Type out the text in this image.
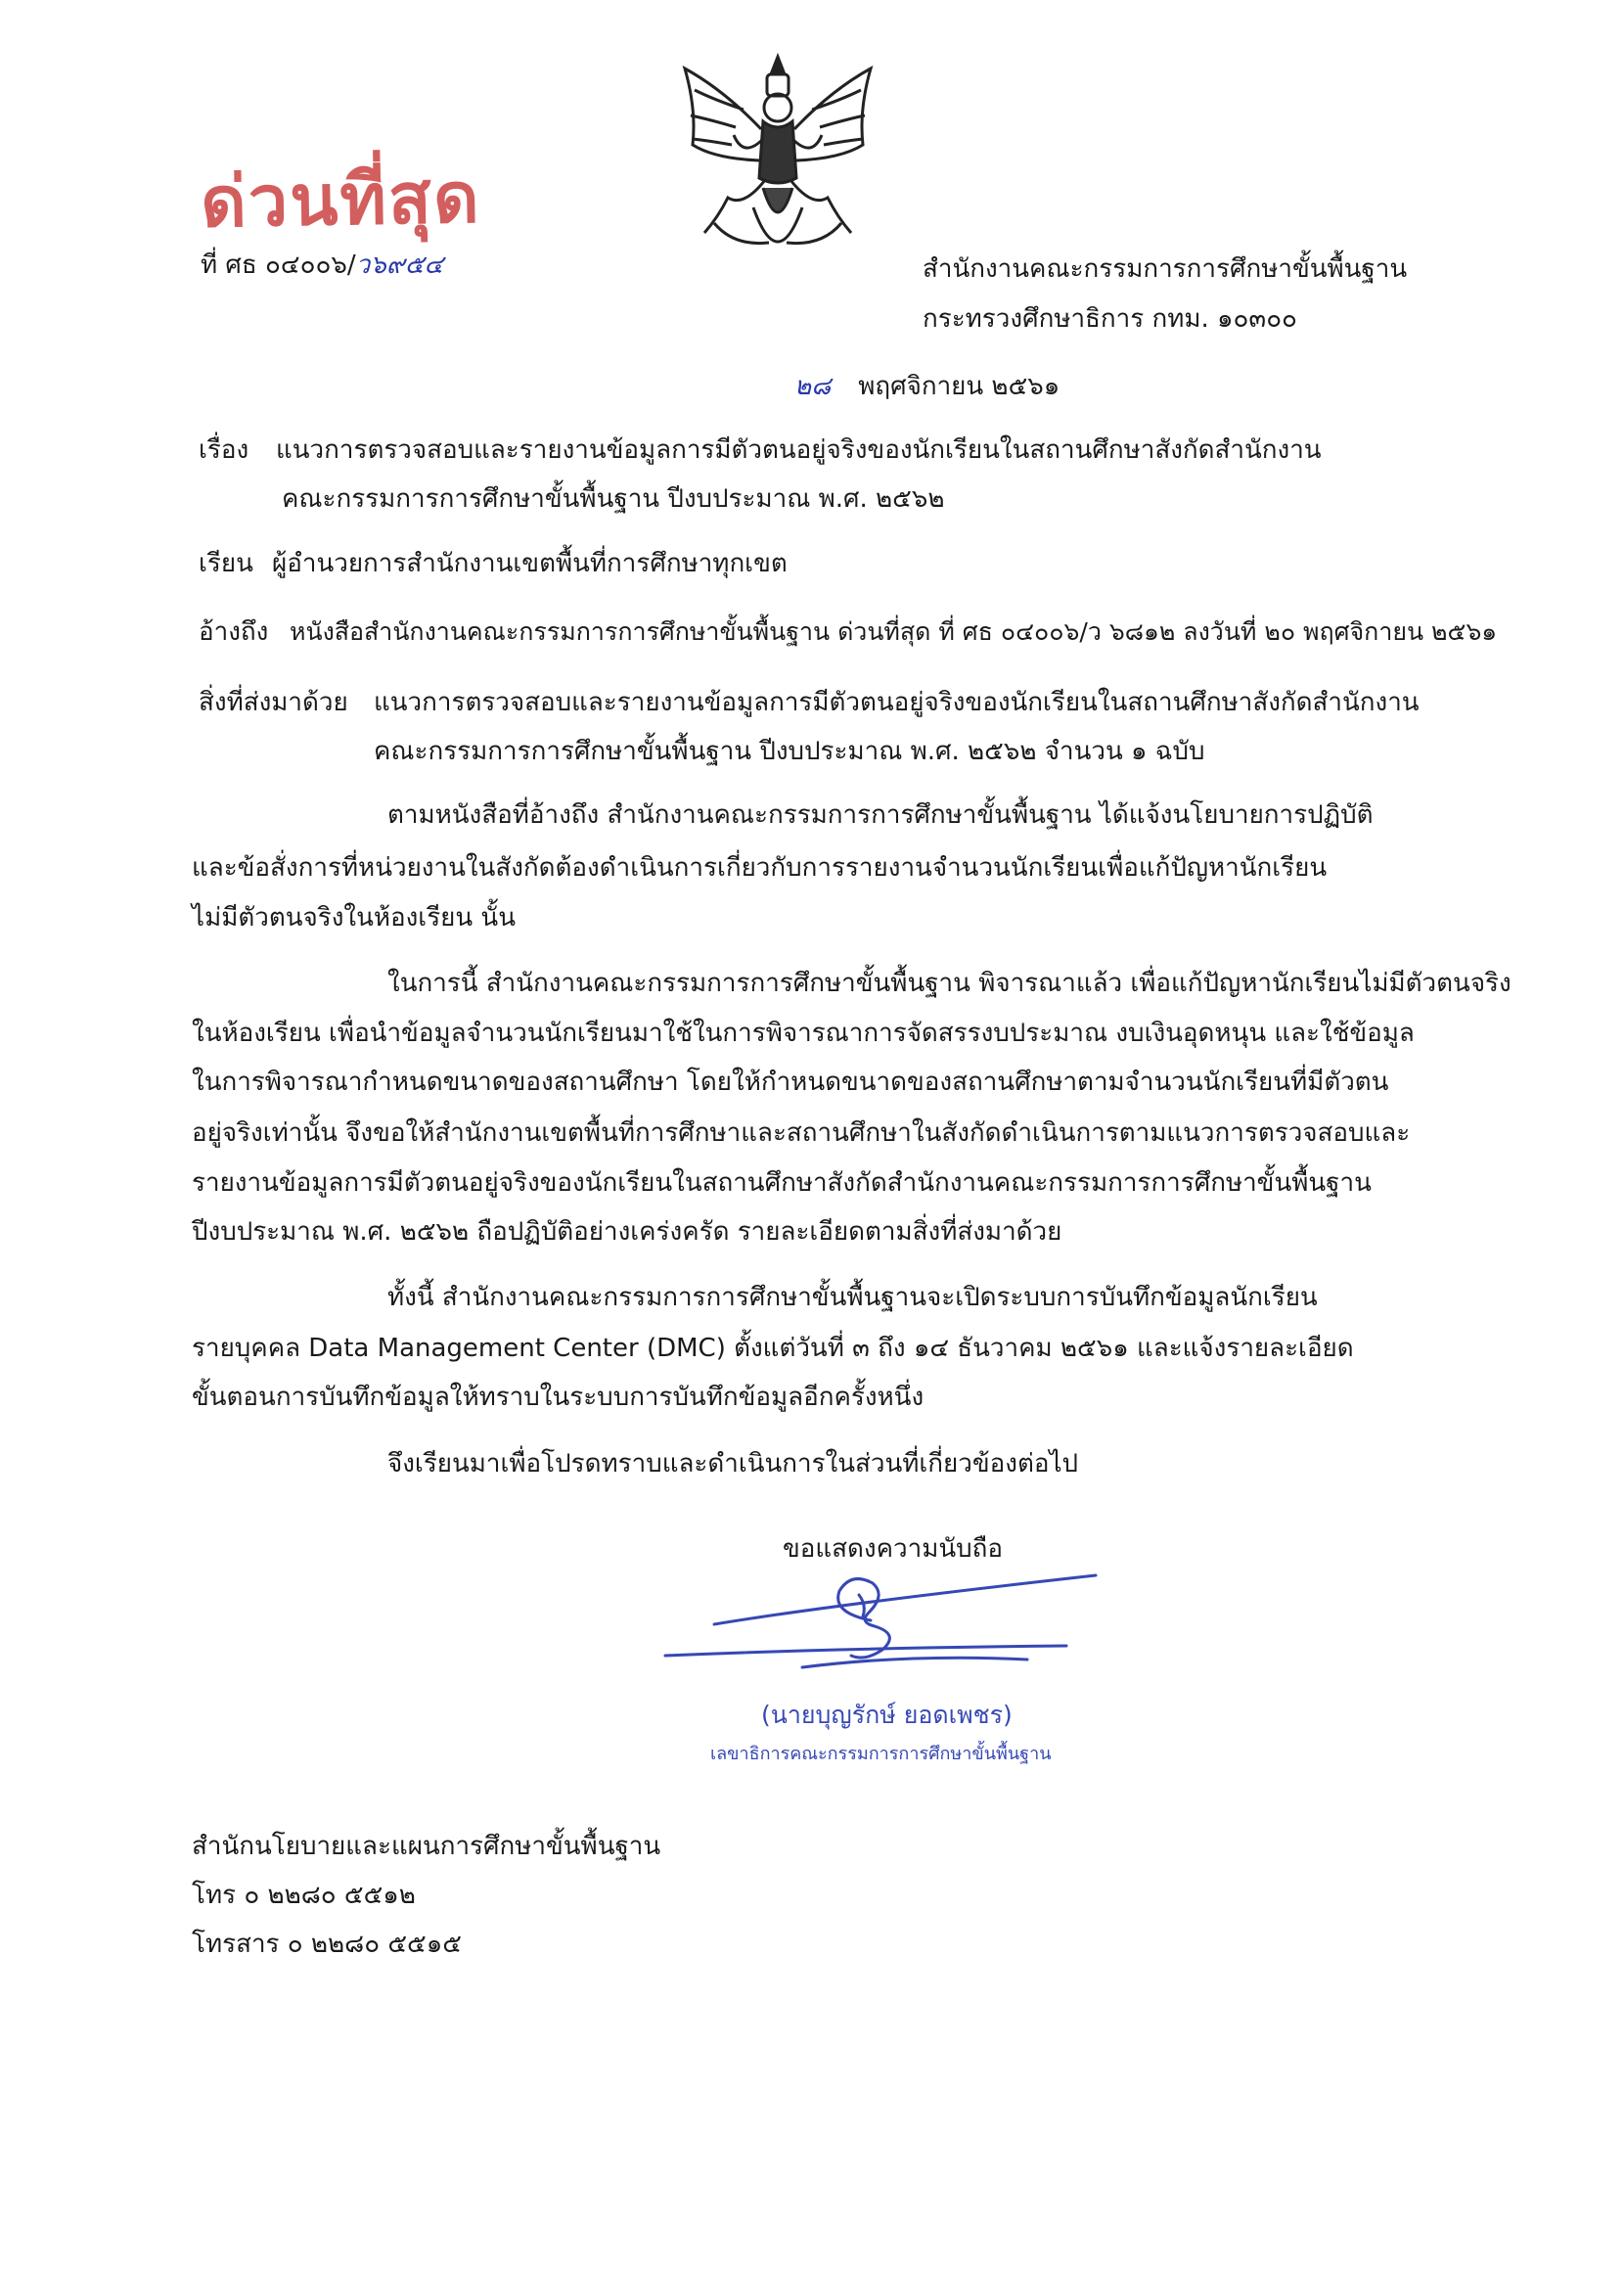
ด่วนที่สุด
ที่ ศธ ๐๔๐๐๖/ว๖๙๕๔	สำนักงานคณะกรรมการการศึกษาขั้นพื้นฐาน
กระทรวงศึกษาธิการ กทม. ๑๐๓๐๐
๒๘ พฤศจิกายน ๒๕๖๑
เรื่อง แนวการตรวจสอบและรายงานข้อมูลการมีตัวตนอยู่จริงของนักเรียนในสถานศึกษาสังกัดสำนักงาน
คณะกรรมการการศึกษาขั้นพื้นฐาน ปีงบประมาณ พ.ศ. ๒๕๖๒
เรียน ผู้อำนวยการสำนักงานเขตพื้นที่การศึกษาทุกเขต
อ้างถึง หนังสือสำนักงานคณะกรรมการการศึกษาขั้นพื้นฐาน ด่วนที่สุด ที่ ศธ ๐๔๐๐๖/ว ๖๘๑๒ ลงวันที่ ๒๐ พฤศจิกายน ๒๕๖๑
สิ่งที่ส่งมาด้วย แนวการตรวจสอบและรายงานข้อมูลการมีตัวตนอยู่จริงของนักเรียนในสถานศึกษาสังกัดสำนักงาน
คณะกรรมการการศึกษาขั้นพื้นฐาน ปีงบประมาณ พ.ศ. ๒๕๖๒ จำนวน ๑ ฉบับ
ตามหนังสือที่อ้างถึง สำนักงานคณะกรรมการการศึกษาขั้นพื้นฐาน ได้แจ้งนโยบายการปฏิบัติ
และข้อสั่งการที่หน่วยงานในสังกัดต้องดำเนินการเกี่ยวกับการรายงานจำนวนนักเรียนเพื่อแก้ปัญหานักเรียน
ไม่มีตัวตนจริงในห้องเรียน นั้น
ในการนี้ สำนักงานคณะกรรมการการศึกษาขั้นพื้นฐาน พิจารณาแล้ว เพื่อแก้ปัญหานักเรียนไม่มีตัวตนจริง
ในห้องเรียน เพื่อนำข้อมูลจำนวนนักเรียนมาใช้ในการพิจารณาการจัดสรรงบประมาณ งบเงินอุดหนุน และใช้ข้อมูล
ในการพิจารณากำหนดขนาดของสถานศึกษา โดยให้กำหนดขนาดของสถานศึกษาตามจำนวนนักเรียนที่มีตัวตน
อยู่จริงเท่านั้น จึงขอให้สำนักงานเขตพื้นที่การศึกษาและสถานศึกษาในสังกัดดำเนินการตามแนวการตรวจสอบและ
รายงานข้อมูลการมีตัวตนอยู่จริงของนักเรียนในสถานศึกษาสังกัดสำนักงานคณะกรรมการการศึกษาขั้นพื้นฐาน
ปีงบประมาณ พ.ศ. ๒๕๖๒ ถือปฏิบัติอย่างเคร่งครัด รายละเอียดตามสิ่งที่ส่งมาด้วย
ทั้งนี้ สำนักงานคณะกรรมการการศึกษาขั้นพื้นฐานจะเปิดระบบการบันทึกข้อมูลนักเรียน
รายบุคคล Data Management Center (DMC) ตั้งแต่วันที่ ๓ ถึง ๑๔ ธันวาคม ๒๕๖๑ และแจ้งรายละเอียด
ขั้นตอนการบันทึกข้อมูลให้ทราบในระบบการบันทึกข้อมูลอีกครั้งหนึ่ง
จึงเรียนมาเพื่อโปรดทราบและดำเนินการในส่วนที่เกี่ยวข้องต่อไป
ขอแสดงความนับถือ
(นายบุญรักษ์ ยอดเพชร)
เลขาธิการคณะกรรมการการศึกษาขั้นพื้นฐาน
สำนักนโยบายและแผนการศึกษาขั้นพื้นฐาน
โทร ๐ ๒๒๘๐ ๕๕๑๒
โทรสาร ๐ ๒๒๘๐ ๕๕๑๕
